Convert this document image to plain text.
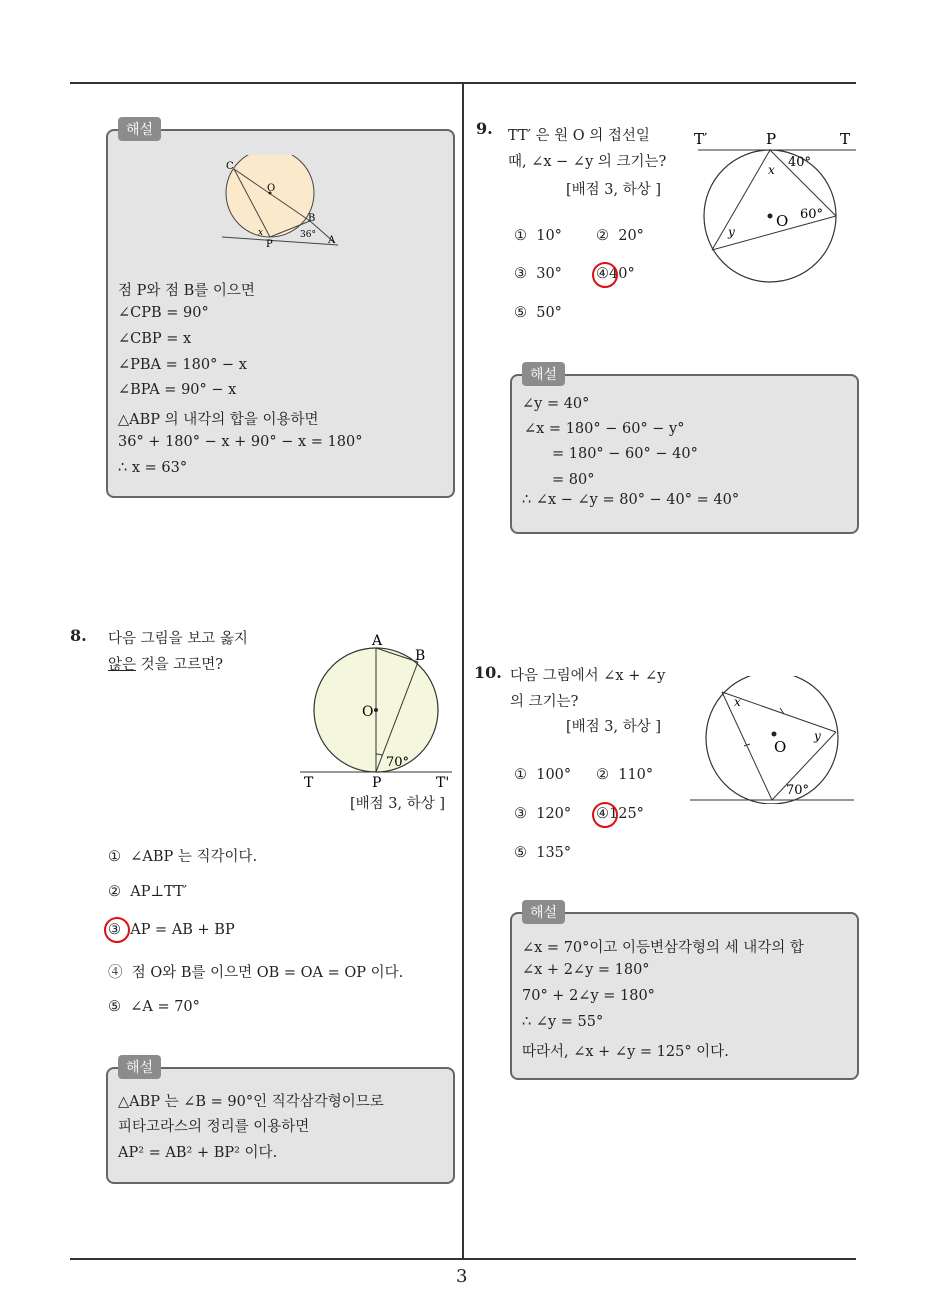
3
해설
C
O
B
P	A
x	36°
점 P와 점 B를 이으면
∠CPB = 90°
∠CBP = x
∠PBA = 180° − x
∠BPA = 90° − x
△ABP 의 내각의 합을 이용하면
36° + 180° − x + 90° − x = 180°
∴ x = 63°
8. 다음 그림을 보고 옳지
않은 것을 고르면?
A
B
O
70°
T	P	T'
[배점 3, 하상 ]
① ∠ABP 는 직각이다.
② AP⊥TT′
③ AP = AB + BP
④ 점 O와 B를 이으면 OB = OA = OP 이다.
⑤ ∠A = 70°
해설
△ABP 는 ∠B = 90°인 직각삼각형이므로
피타고라스의 정리를 이용하면
AP² = AB² + BP² 이다.
9. TT′ 은 원 O 의 접선일
때, ∠x − ∠y 의 크기는?
[배점 3, 하상 ]
T′	P	T
40°
60°
O
x
y
① 10° ② 20°
③ 30° ④40°
⑤ 50°
해설
∠y = 40°
∠x = 180° − 60° − y°
= 180° − 60° − 40°
= 80°
∴ ∠x − ∠y = 80° − 40° = 40°
10. 다음 그림에서 ∠x + ∠y
의 크기는?
[배점 3, 하상 ]
x
y
O
70°
① 100° ② 110°
③ 120° ④125°
⑤ 135°
해설
∠x = 70°이고 이등변삼각형의 세 내각의 합
∠x + 2∠y = 180°
70° + 2∠y = 180°
∴ ∠y = 55°
따라서, ∠x + ∠y = 125° 이다.
